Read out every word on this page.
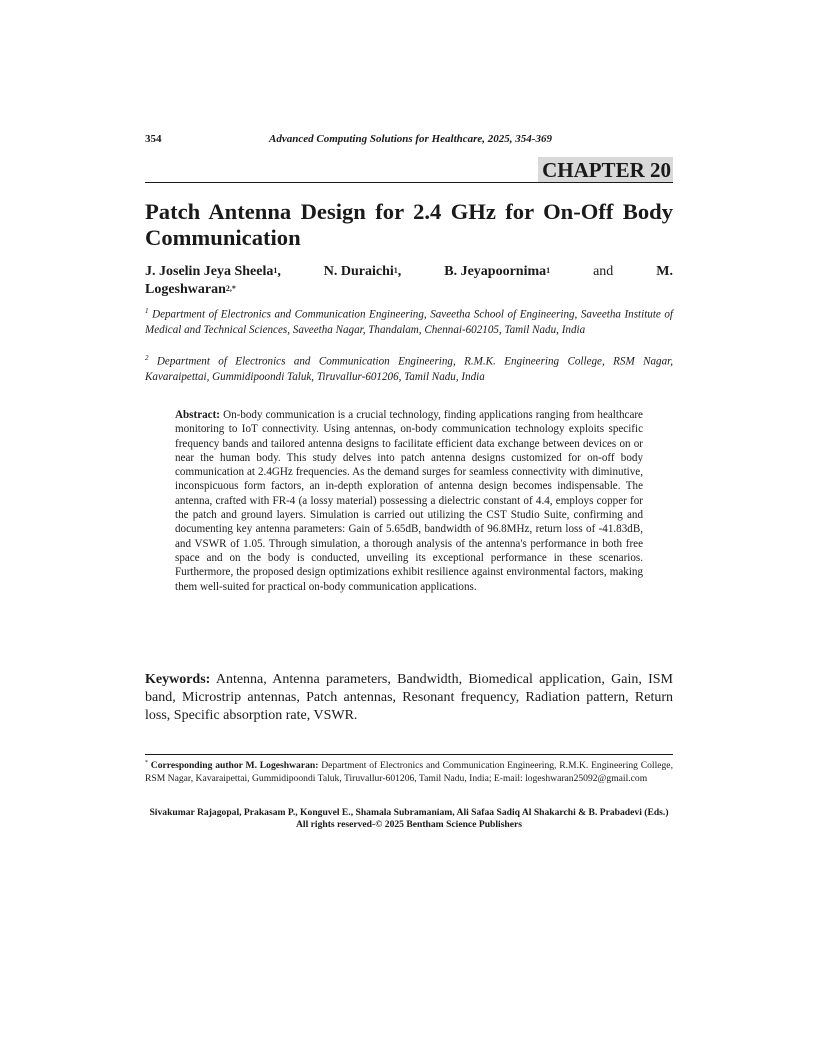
354	Advanced Computing Solutions for Healthcare, 2025, 354-369
CHAPTER 20
Patch Antenna Design for 2.4 GHz for On-Off Body Communication
J. Joselin Jeya Sheela$^1$,	N. Duraichi$^1$,	B. Jeyapoornima$^1$	and	M.
Logeshwaran$^{2,*}$
$^1$ Department of Electronics and Communication Engineering, Saveetha School of Engineering, Saveetha Institute of Medical and Technical Sciences, Saveetha Nagar, Thandalam, Chennai-602105, Tamil Nadu, India
$^2$ Department of Electronics and Communication Engineering, R.M.K. Engineering College, RSM Nagar, Kavaraipettai, Gummidipoondi Taluk, Tiruvallur-601206, Tamil Nadu, India
Abstract: On-body communication is a crucial technology, finding applications ranging from healthcare monitoring to IoT connectivity. Using antennas, on-body communication technology exploits specific frequency bands and tailored antenna designs to facilitate efficient data exchange between devices on or near the human body. This study delves into patch antenna designs customized for on-off body communication at 2.4GHz frequencies. As the demand surges for seamless connectivity with diminutive, inconspicuous form factors, an in-depth exploration of antenna design becomes indispensable. The antenna, crafted with FR-4 (a lossy material) possessing a dielectric constant of 4.4, employs copper for the patch and ground layers. Simulation is carried out utilizing the CST Studio Suite, confirming and documenting key antenna parameters: Gain of 5.65dB, bandwidth of 96.8MHz, return loss of -41.83dB, and VSWR of 1.05. Through simulation, a thorough analysis of the antenna's performance in both free space and on the body is conducted, unveiling its exceptional performance in these scenarios. Furthermore, the proposed design optimizations exhibit resilience against environmental factors, making them well-suited for practical on-body communication applications.
Keywords: Antenna, Antenna parameters, Bandwidth, Biomedical application, Gain, ISM band, Microstrip antennas, Patch antennas, Resonant frequency, Radiation pattern, Return loss, Specific absorption rate, VSWR.
* Corresponding author M. Logeshwaran: Department of Electronics and Communication Engineering, R.M.K. Engineering College, RSM Nagar, Kavaraipettai, Gummidipoondi Taluk, Tiruvallur-601206, Tamil Nadu, India; E-mail: logeshwaran25092@gmail.com
Sivakumar Rajagopal, Prakasam P., Konguvel E., Shamala Subramaniam, Ali Safaa Sadiq Al Shakarchi & B. Prabadevi (Eds.)
All rights reserved-© 2025 Bentham Science Publishers
